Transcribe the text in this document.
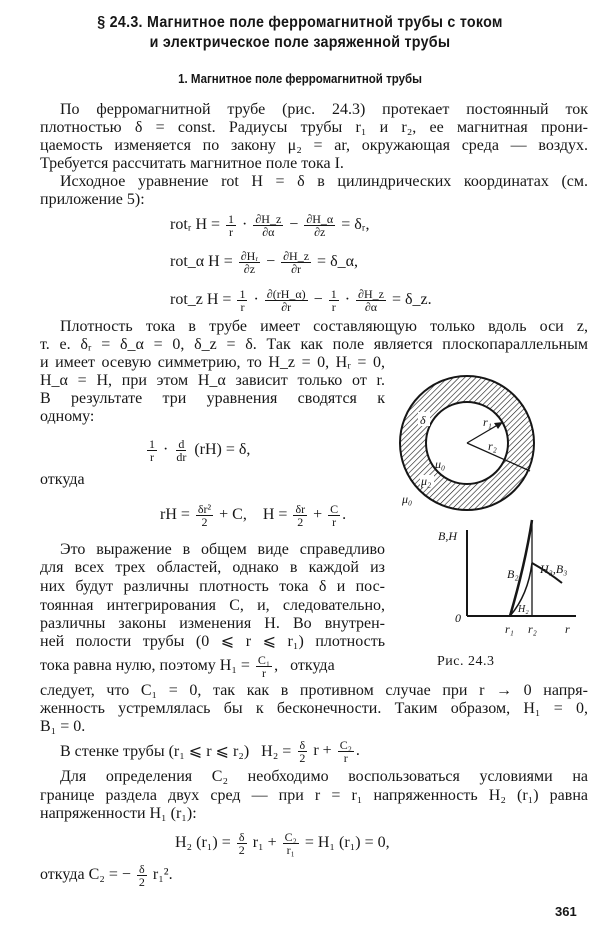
§ 24.3. Магнитное поле ферромагнитной трубы с током
и электрическое поле заряженной трубы
1. Магнитное поле ферромагнитной трубы
По ферромагнитной трубе (рис. 24.3) протекает постоянный ток
плотностью δ = const. Радиусы трубы r₁ и r₂, ее магнитная прони-
цаемость изменяется по закону μ₂ = ar, окружающая среда — воздух.
Требуется рассчитать магнитное поле тока I.
Исходное уравнение rot H = δ в цилиндрических координатах (см.
приложение 5):
rotᵣ $H = \frac{1}{r} \cdot \frac{\partial H\_z}{\partial\alpha} - \frac{\partial H\_\alpha}{\partial z}$ = δᵣ,
rot_α $H = \frac{\text{∂Hᵣ}}{\partial z} - \frac{\partial H\_z}{\partial r}$ = δ_α,
rot_z $H = \frac{1}{r} \cdot \frac{\partial(rH\_\alpha)}{\partial r} - \frac{1}{r} \cdot \frac{\partial H\_z}{\partial\alpha}$ = δ_z.
Плотность тока в трубе имеет составляющую только вдоль оси z,
т. е. δᵣ = δ_α = 0, δ_z = δ. Так как поле является плоскопараллельным
и имеет осевую симметрию, то H_z = 0, Hᵣ = 0,
H_α = H, при этом H_α зависит только от r.
В результате три уравнения сводятся к
одному:
$\frac{1}{r} \cdot \frac{d}{dr} (rH) = \delta$,
откуда
rH = $\frac{\text{δr²}}{2} + C$,    $H = \frac{\delta r}{2} + \frac{C}{r}$ .
Это выражение в общем виде справедливо
для всех трех областей, однако в каждой из
них будут различны плотность тока δ и пос-
тоянная интегрирования C, и, следовательно,
различны законы изменения H. Во внутрен-
ней полости трубы (0 ⩽ r ⩽ r₁) плотность
тока равна нулю, поэтому $H_1 = \frac{\text{C₁}}{r}$ ,   откуда
следует, что C₁ = 0, так как в противном случае при r → 0 напря-
женность устремлялась бы к бесконечности. Таким образом, H₁ = 0,
B₁ = 0.
В стенке трубы (r₁ ⩽ r ⩽ r₂)   $H_2 = \frac{\delta}{2}$ $r + \frac{\text{C₂}}{r}$ .
Для определения C₂ необходимо воспользоваться условиями на
границе раздела двух сред — при r = r₁ напряженность H₂ (r₁) равна
напряженности H₁ (r₁):
H₂ $(r_1) = \frac{\delta}{2} r_1 + \frac{\text{C₂}}{\text{r₁}} = H_1$ (r₁) = 0,
откуда C₂ = − $\frac{\delta}{2} r_1^2$.
δ	r₁
r₂
μ₀
μ₂
μ₀
B,H
0
B₂
H₂
H₃,B₃
r₁ r₂ r
Рис. 24.3
361
